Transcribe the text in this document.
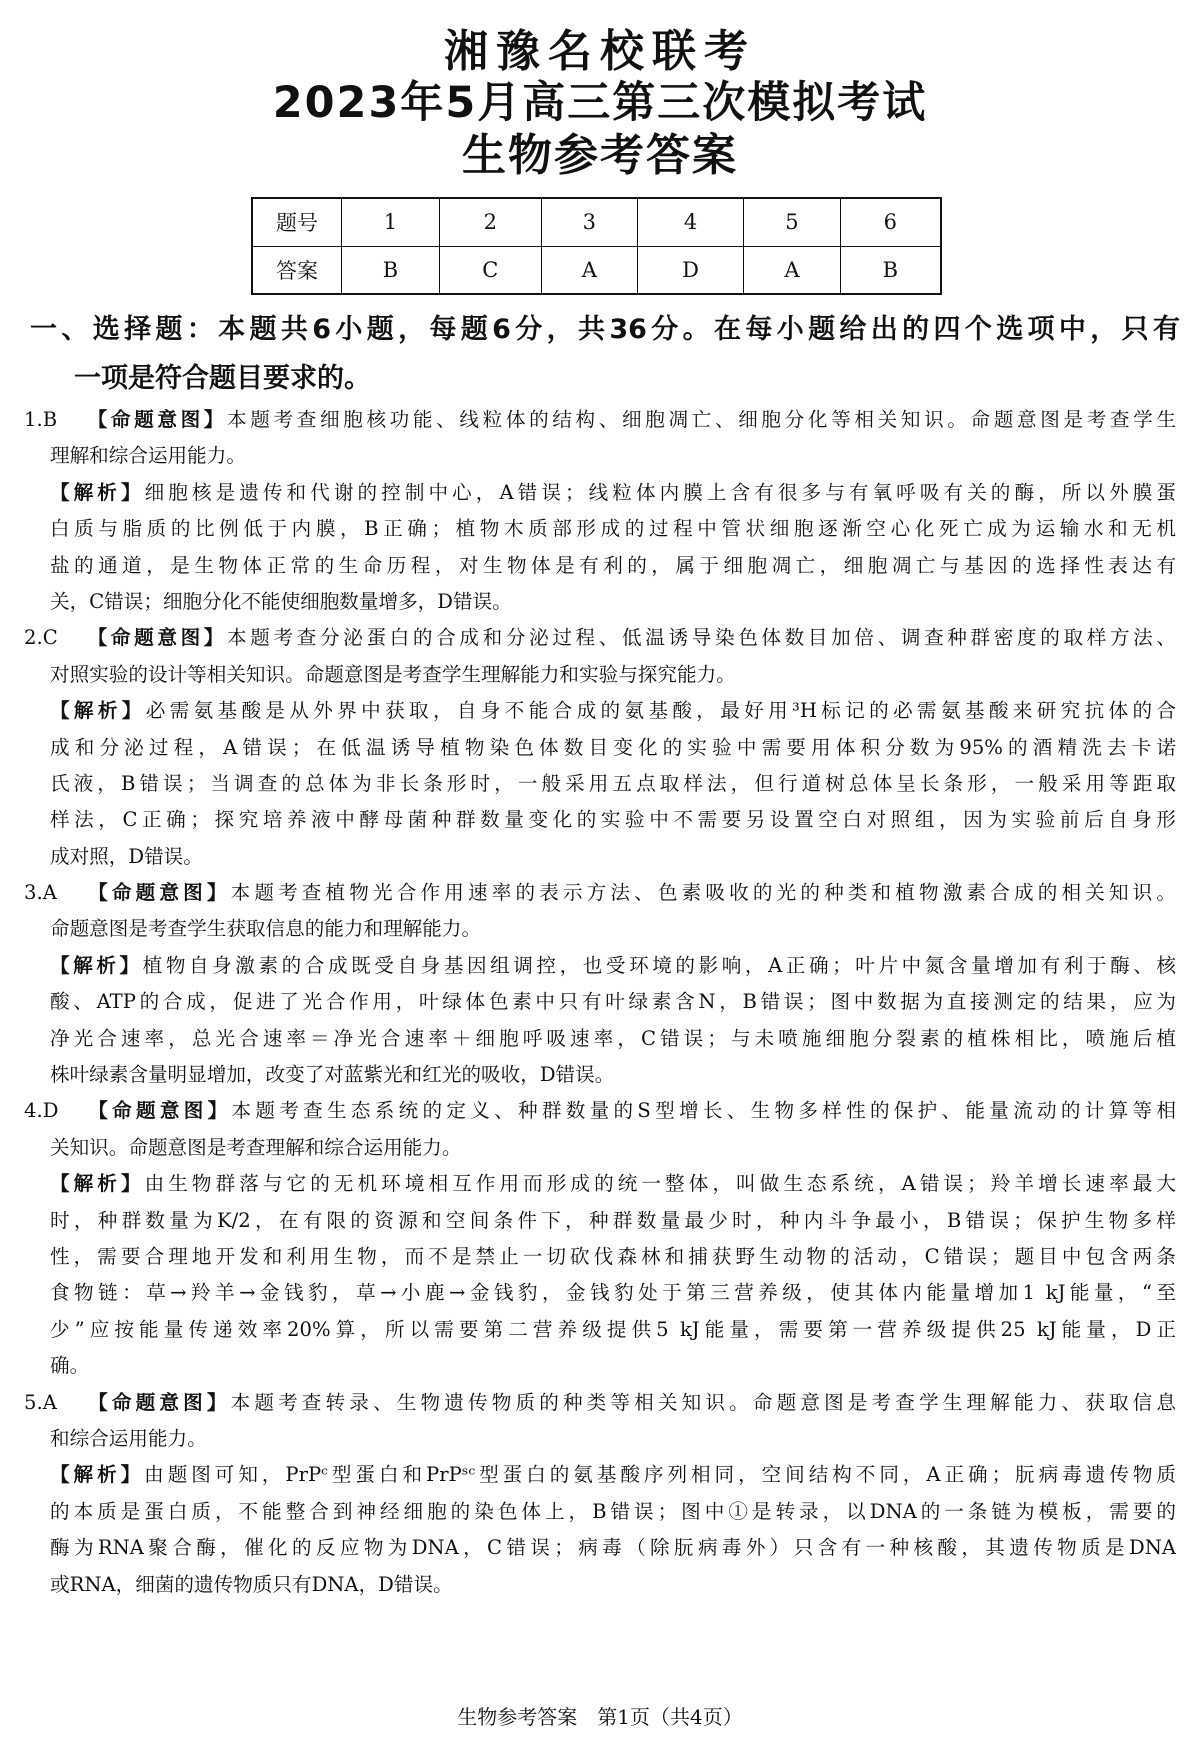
湘豫名校联考
2023年5月高三第三次模拟考试
生物参考答案
题号	1	2	3	4	5	6
答案	B	C	A	D	A	B
一、选择题：本题共6小题，每题6分，共36分。在每小题给出的四个选项中，只有
一项是符合题目要求的。
1.B 【命题意图】本题考查细胞核功能、线粒体的结构、细胞凋亡、细胞分化等相关知识。命题意图是考查学生
理解和综合运用能力。
【解析】细胞核是遗传和代谢的控制中心，A错误；线粒体内膜上含有很多与有氧呼吸有关的酶，所以外膜蛋
白质与脂质的比例低于内膜，B正确；植物木质部形成的过程中管状细胞逐渐空心化死亡成为运输水和无机
盐的通道，是生物体正常的生命历程，对生物体是有利的，属于细胞凋亡，细胞凋亡与基因的选择性表达有
关，C错误；细胞分化不能使细胞数量增多，D错误。
2.C 【命题意图】本题考查分泌蛋白的合成和分泌过程、低温诱导染色体数目加倍、调查种群密度的取样方法、
对照实验的设计等相关知识。命题意图是考查学生理解能力和实验与探究能力。
【解析】必需氨基酸是从外界中获取，自身不能合成的氨基酸，最好用³H标记的必需氨基酸来研究抗体的合
成和分泌过程，A错误；在低温诱导植物染色体数目变化的实验中需要用体积分数为95%的酒精洗去卡诺
氏液，B错误；当调查的总体为非长条形时，一般采用五点取样法，但行道树总体呈长条形，一般采用等距取
样法，C正确；探究培养液中酵母菌种群数量变化的实验中不需要另设置空白对照组，因为实验前后自身形
成对照，D错误。
3.A 【命题意图】本题考查植物光合作用速率的表示方法、色素吸收的光的种类和植物激素合成的相关知识。
命题意图是考查学生获取信息的能力和理解能力。
【解析】植物自身激素的合成既受自身基因组调控，也受环境的影响，A正确；叶片中氮含量增加有利于酶、核
酸、ATP的合成，促进了光合作用，叶绿体色素中只有叶绿素含N，B错误；图中数据为直接测定的结果，应为
净光合速率，总光合速率＝净光合速率＋细胞呼吸速率，C错误；与未喷施细胞分裂素的植株相比，喷施后植
株叶绿素含量明显增加，改变了对蓝紫光和红光的吸收，D错误。
4.D 【命题意图】本题考查生态系统的定义、种群数量的S型增长、生物多样性的保护、能量流动的计算等相
关知识。命题意图是考查理解和综合运用能力。
【解析】由生物群落与它的无机环境相互作用而形成的统一整体，叫做生态系统，A错误；羚羊增长速率最大
时，种群数量为K/2，在有限的资源和空间条件下，种群数量最少时，种内斗争最小，B错误；保护生物多样
性，需要合理地开发和利用生物，而不是禁止一切砍伐森林和捕获野生动物的活动，C错误；题目中包含两条
食物链：草→羚羊→金钱豹，草→小鹿→金钱豹，金钱豹处于第三营养级，使其体内能量增加1 kJ能量，“至
少”应按能量传递效率20%算，所以需要第二营养级提供5 kJ能量，需要第一营养级提供25 kJ能量，D正
确。
5.A 【命题意图】本题考查转录、生物遗传物质的种类等相关知识。命题意图是考查学生理解能力、获取信息
和综合运用能力。
【解析】由题图可知，PrPᶜ型蛋白和PrPˢᶜ型蛋白的氨基酸序列相同，空间结构不同，A正确；朊病毒遗传物质
的本质是蛋白质，不能整合到神经细胞的染色体上，B错误；图中①是转录，以DNA的一条链为模板，需要的
酶为RNA聚合酶，催化的反应物为DNA，C错误；病毒（除朊病毒外）只含有一种核酸，其遗传物质是DNA
或RNA，细菌的遗传物质只有DNA，D错误。
生物参考答案　第1页（共4页）
